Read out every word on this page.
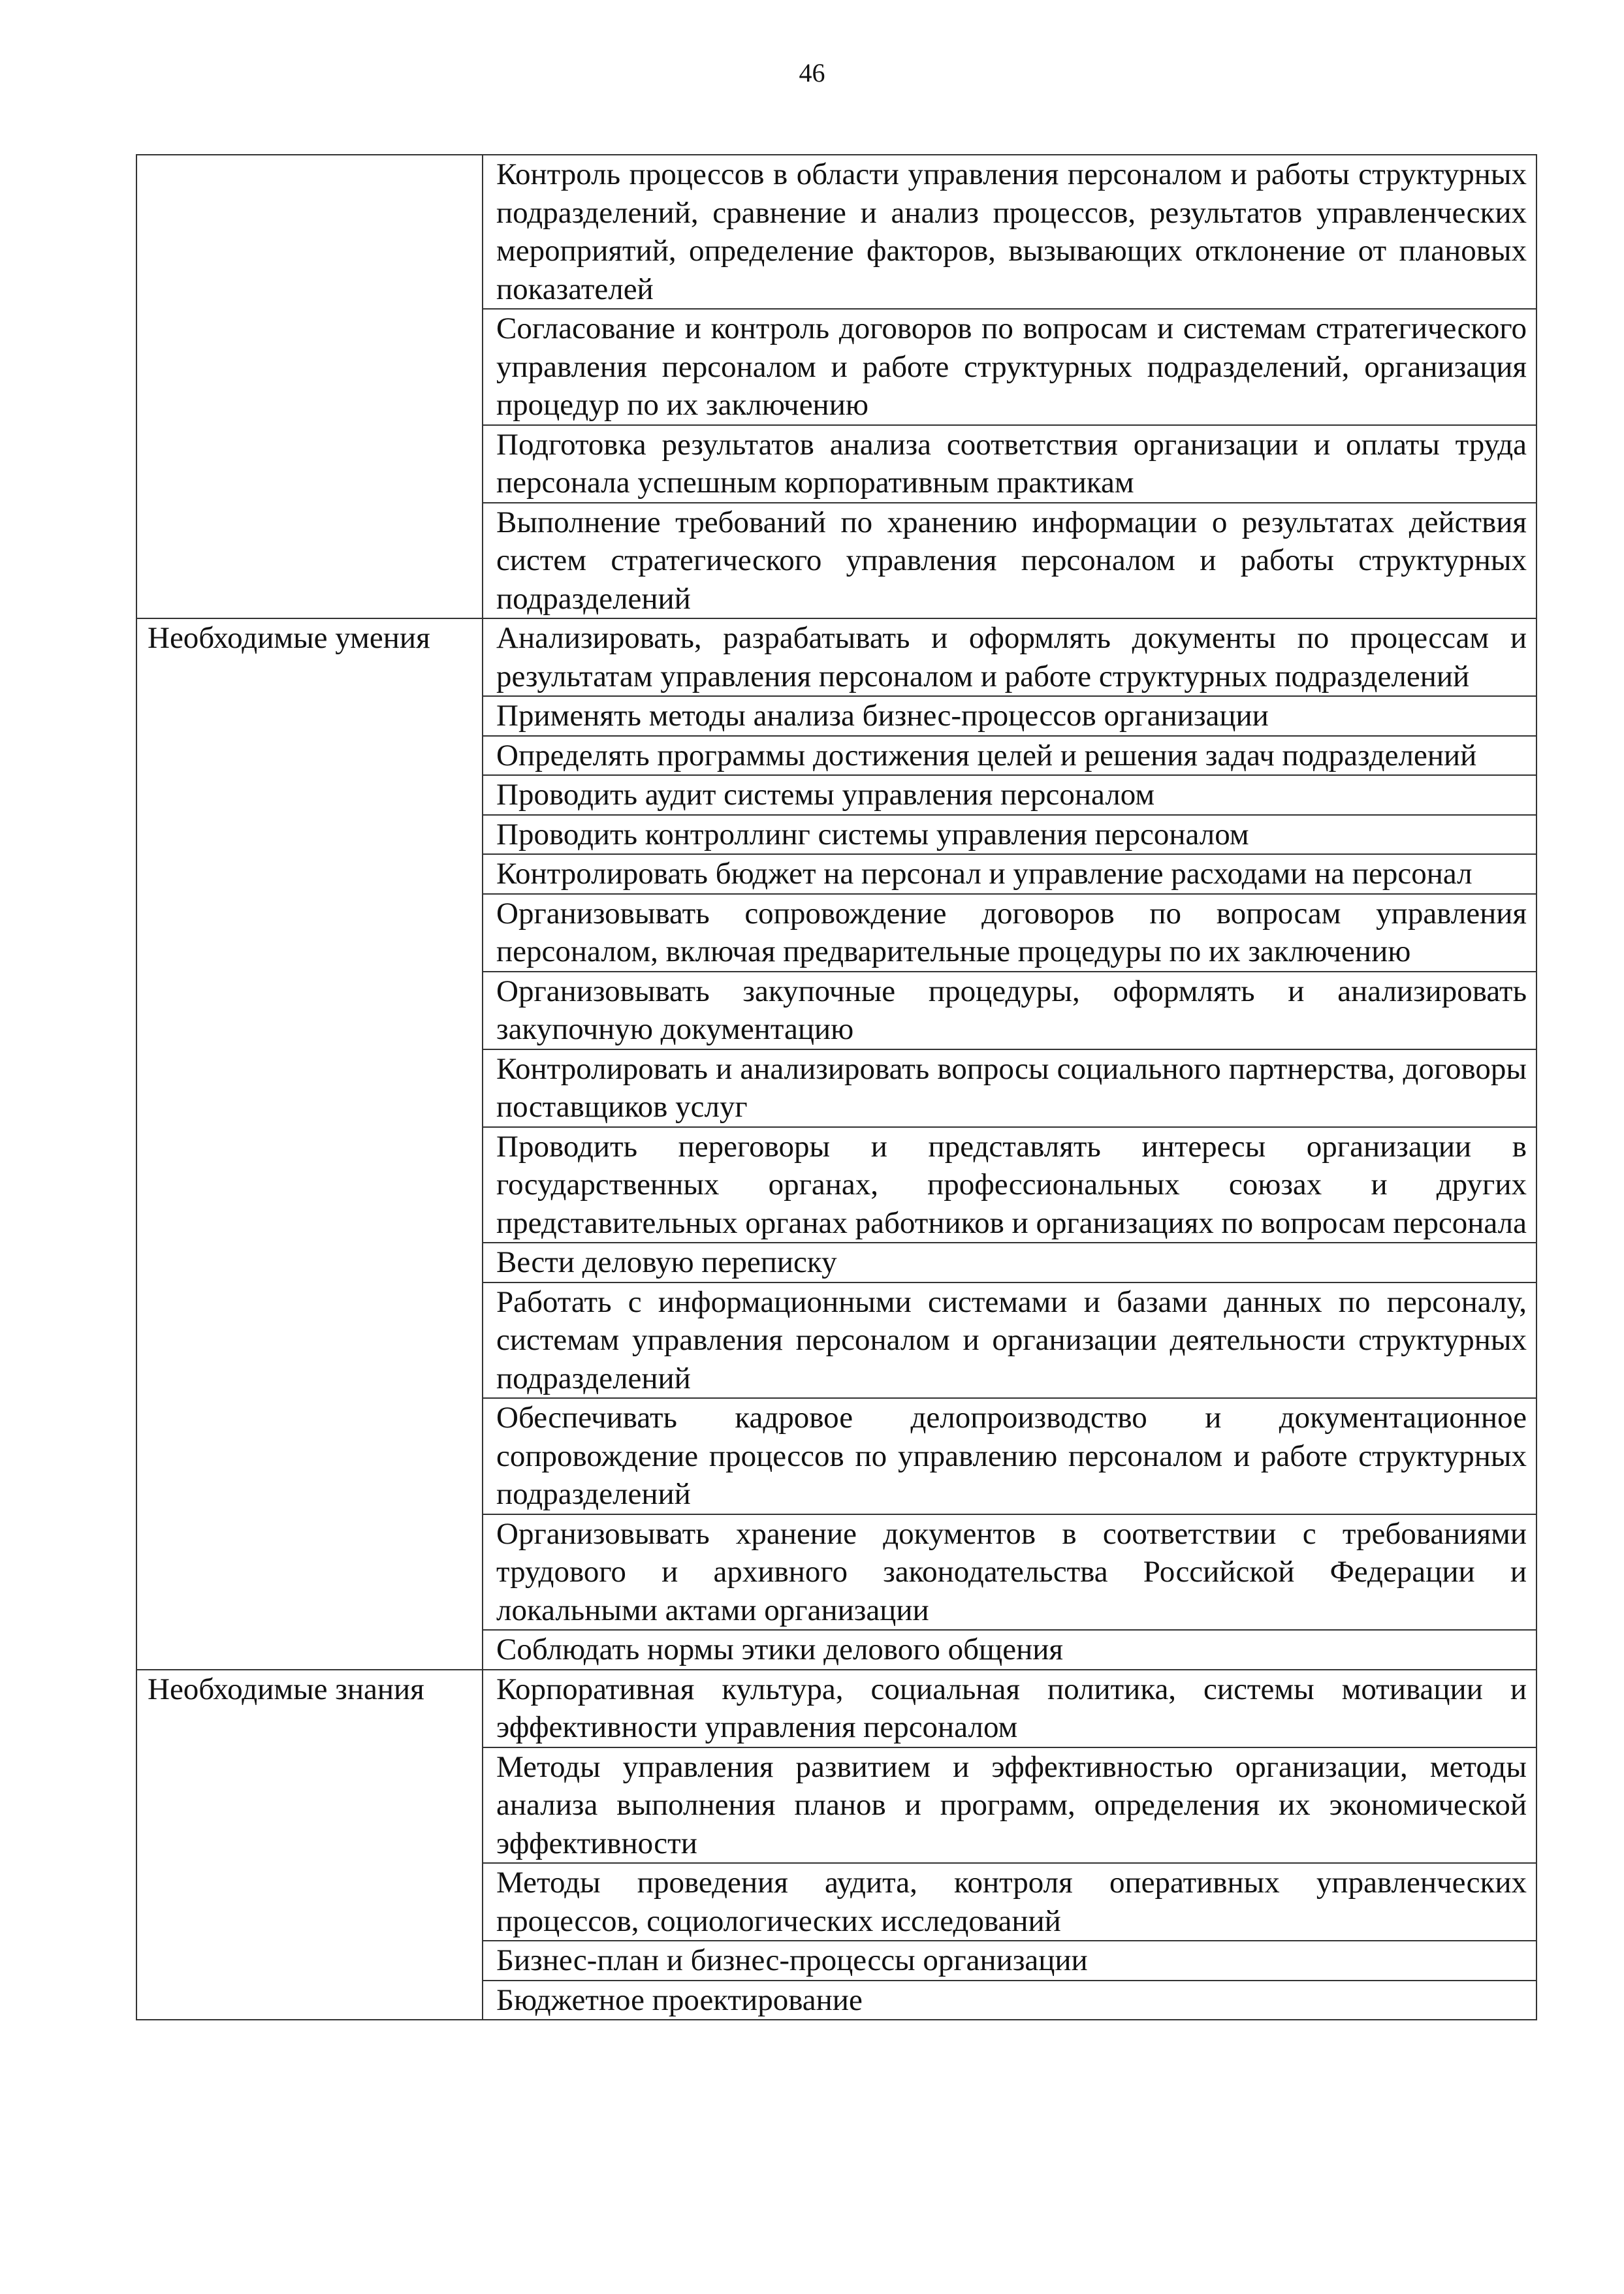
46
	Контроль процессов в области управления персоналом и работы структурных подразделений, сравнение и анализ процессов, результатов управленческих мероприятий, определение факторов, вызывающих отклонение от плановых показателей
	Согласование и контроль договоров по вопросам и системам стратегического управления персоналом и работе структурных подразделений, организация процедур по их заключению
	Подготовка результатов анализа соответствия организации и оплаты труда персонала успешным корпоративным практикам
	Выполнение требований по хранению информации о результатах действия систем стратегического управления персоналом и работы структурных подразделений
Необходимые умения	Анализировать, разрабатывать и оформлять документы по процессам и результатам управления персоналом и работе структурных подразделений
	Применять методы анализа бизнес-процессов организации
	Определять программы достижения целей и решения задач подразделений
	Проводить аудит системы управления персоналом
	Проводить контроллинг системы управления персоналом
	Контролировать бюджет на персонал и управление расходами на персонал
	Организовывать сопровождение договоров по вопросам управления персоналом, включая предварительные процедуры по их заключению
	Организовывать закупочные процедуры, оформлять и анализировать закупочную документацию
	Контролировать и анализировать вопросы социального партнерства, договоры поставщиков услуг
	Проводить переговоры и представлять интересы организации в государственных органах, профессиональных союзах и других представительных органах работников и организациях по вопросам персонала
	Вести деловую переписку
	Работать с информационными системами и базами данных по персоналу, системам управления персоналом и организации деятельности структурных подразделений
	Обеспечивать кадровое делопроизводство и документационное сопровождение процессов по управлению персоналом и работе структурных подразделений
	Организовывать хранение документов в соответствии с требованиями трудового и архивного законодательства Российской Федерации и локальными актами организации
	Соблюдать нормы этики делового общения
Необходимые знания	Корпоративная культура, социальная политика, системы мотивации и эффективности управления персоналом
	Методы управления развитием и эффективностью организации, методы анализа выполнения планов и программ, определения их экономической эффективности
	Методы проведения аудита, контроля оперативных управленческих процессов, социологических исследований
	Бизнес-план и бизнес-процессы организации
	Бюджетное проектирование
